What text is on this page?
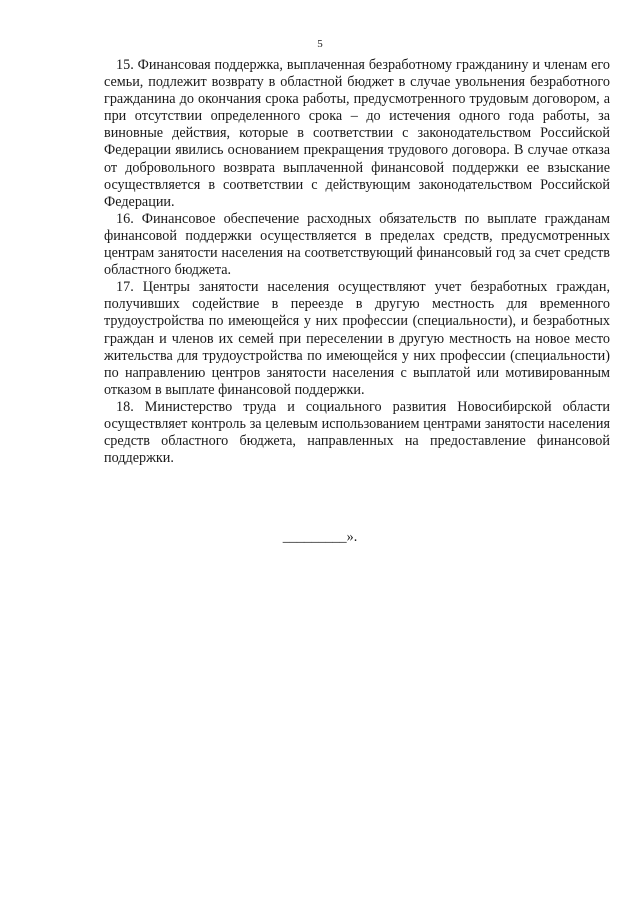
5

15. Финансовая поддержка, выплаченная безработному гражданину и членам его семьи, подлежит возврату в областной бюджет в случае увольнения безработного гражданина до окончания срока работы, предусмотренного трудовым договором, а при отсутствии определенного срока – до истечения одного года работы, за виновные действия, которые в соответствии с законодательством Российской Федерации явились основанием прекращения трудового договора. В случае отказа от добровольного возврата выплаченной финансовой поддержки ее взыскание осуществляется в соответствии с действующим законодательством Российской Федерации.

16. Финансовое обеспечение расходных обязательств по выплате гражданам финансовой поддержки осуществляется в пределах средств, предусмотренных центрам занятости населения на соответствующий финансовый год за счет средств областного бюджета.

17. Центры занятости населения осуществляют учет безработных граждан, получивших содействие в переезде в другую местность для временного трудоустройства по имеющейся у них профессии (специальности), и безработных граждан и членов их семей при переселении в другую местность на новое место жительства для трудоустройства по имеющейся у них профессии (специальности) по направлению центров занятости населения с выплатой или мотивированным отказом в выплате финансовой поддержки.

18. Министерство труда и социального развития Новосибирской области осуществляет контроль за целевым использованием центрами занятости населения средств областного бюджета, направленных на предоставление финансовой поддержки.

_________».
